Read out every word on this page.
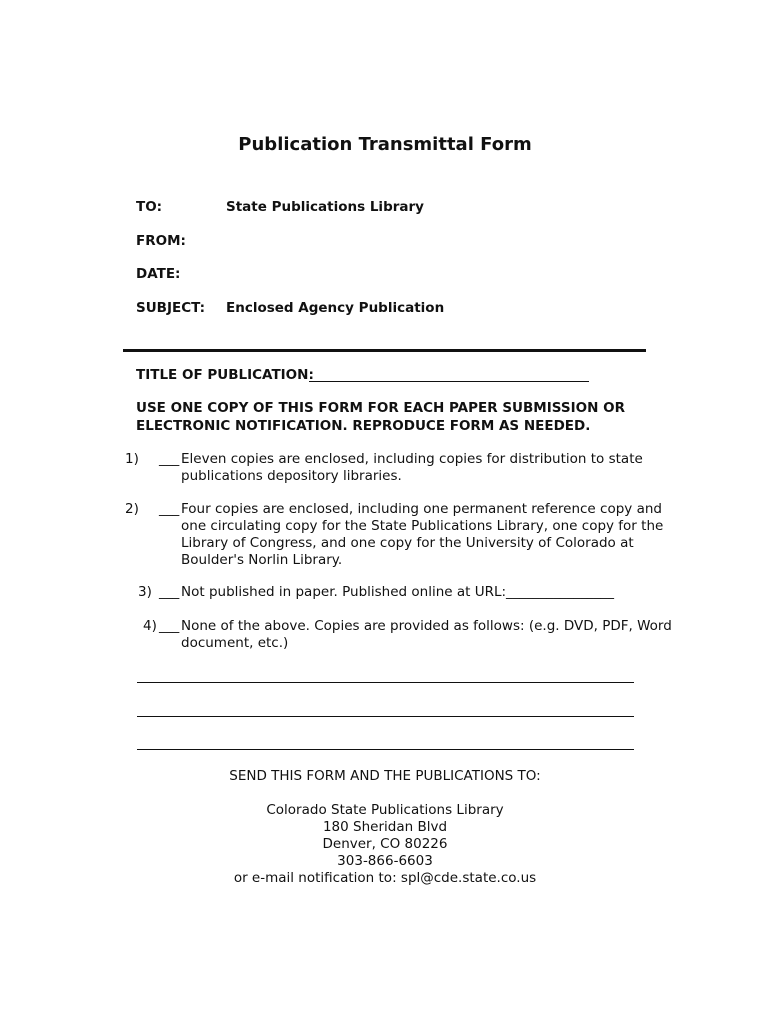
Publication Transmittal Form
TO:	State Publications Library
FROM:
DATE:
SUBJECT: Enclosed Agency Publication
TITLE OF PUBLICATION:
USE ONE COPY OF THIS FORM FOR EACH PAPER SUBMISSION OR
ELECTRONIC NOTIFICATION. REPRODUCE FORM AS NEEDED.
1) ___ Eleven copies are enclosed, including copies for distribution to state
publications depository libraries.
2) ___ Four copies are enclosed, including one permanent reference copy and
one circulating copy for the State Publications Library, one copy for the
Library of Congress, and one copy for the University of Colorado at
Boulder's Norlin Library.
3) ___ Not published in paper. Published online at URL:________________
4) ___ None of the above. Copies are provided as follows: (e.g. DVD, PDF, Word
document, etc.)
SEND THIS FORM AND THE PUBLICATIONS TO:
Colorado State Publications Library
180 Sheridan Blvd
Denver, CO 80226
303-866-6603
or e-mail notification to: spl@cde.state.co.us
